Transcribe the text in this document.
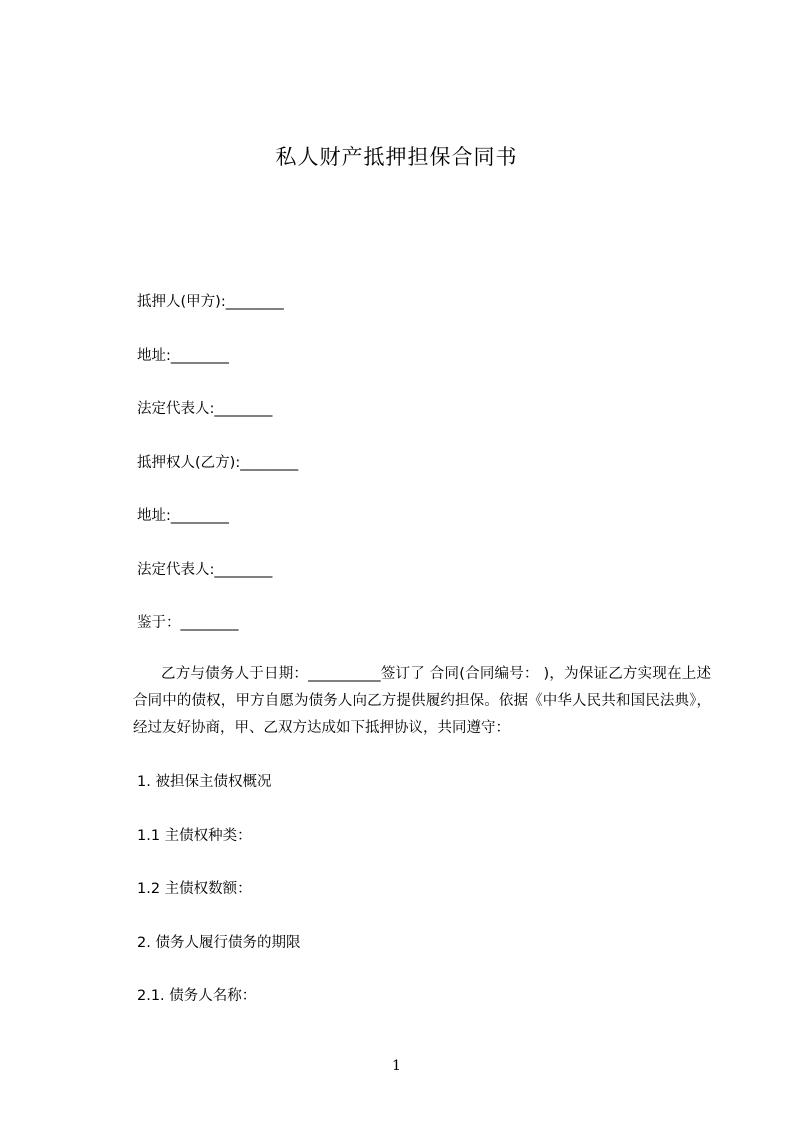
私人财产抵押担保合同书
抵押人(甲方):________
地址:________
法定代表人:________
抵押权人(乙方):________
地址:________
法定代表人:________
鉴于：________
乙方与债务人于日期：__________签订了 合同(合同编号： )，为保证乙方实现在上述合同中的债权，甲方自愿为债务人向乙方提供履约担保。依据《中华人民共和国民法典》，经过友好协商，甲、乙双方达成如下抵押协议，共同遵守：
1. 被担保主债权概况
1.1 主债权种类：
1.2 主债权数额：
2. 债务人履行债务的期限
2.1. 债务人名称：
1
